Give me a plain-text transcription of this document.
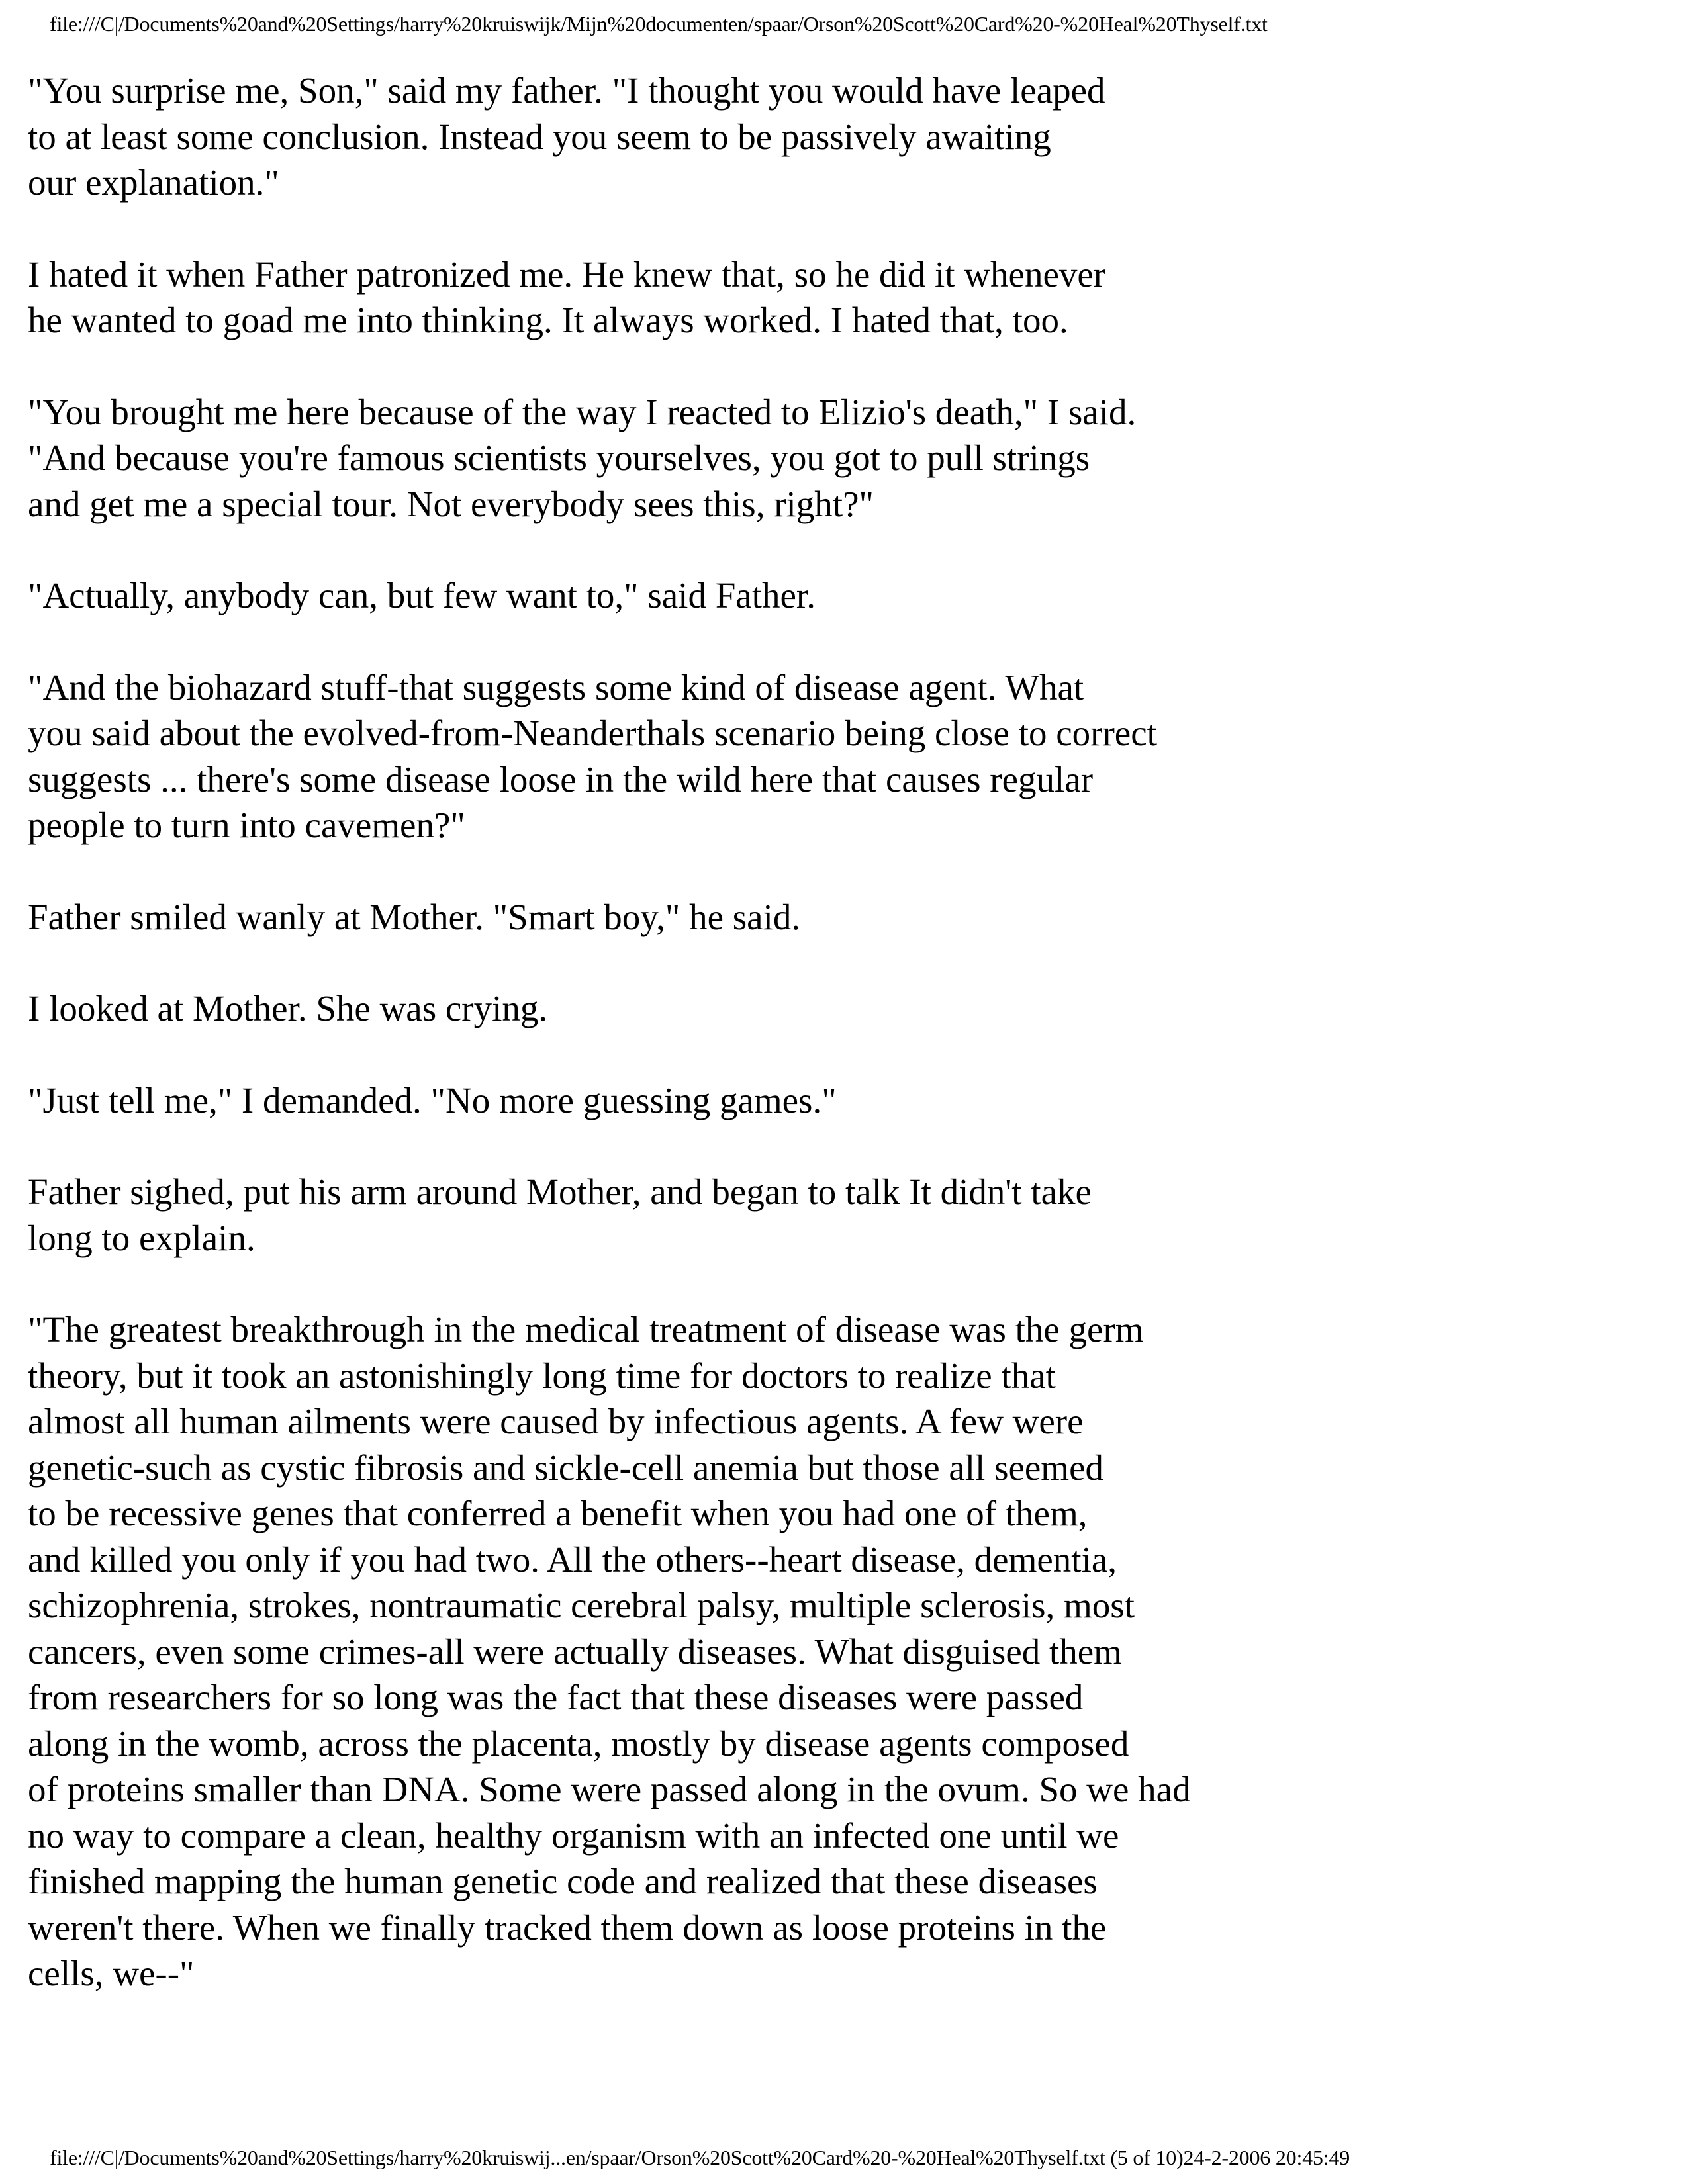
file:///C|/Documents%20and%20Settings/harry%20kruiswijk/Mijn%20documenten/spaar/Orson%20Scott%20Card%20-%20Heal%20Thyself.txt
"You surprise me, Son," said my father. "I thought you would have leaped
to at least some conclusion. Instead you seem to be passively awaiting
our explanation."
I hated it when Father patronized me. He knew that, so he did it whenever
he wanted to goad me into thinking. It always worked. I hated that, too.
"You brought me here because of the way I reacted to Elizio's death," I said.
"And because you're famous scientists yourselves, you got to pull strings
and get me a special tour. Not everybody sees this, right?"
"Actually, anybody can, but few want to," said Father.
"And the biohazard stuff-that suggests some kind of disease agent. What
you said about the evolved-from-Neanderthals scenario being close to correct
suggests ... there's some disease loose in the wild here that causes regular
people to turn into cavemen?"
Father smiled wanly at Mother. "Smart boy," he said.
I looked at Mother. She was crying.
"Just tell me," I demanded. "No more guessing games."
Father sighed, put his arm around Mother, and began to talk It didn't take
long to explain.
"The greatest breakthrough in the medical treatment of disease was the germ
theory, but it took an astonishingly long time for doctors to realize that
almost all human ailments were caused by infectious agents. A few were
genetic-such as cystic fibrosis and sickle-cell anemia but those all seemed
to be recessive genes that conferred a benefit when you had one of them,
and killed you only if you had two. All the others--heart disease, dementia,
schizophrenia, strokes, nontraumatic cerebral palsy, multiple sclerosis, most
cancers, even some crimes-all were actually diseases. What disguised them
from researchers for so long was the fact that these diseases were passed
along in the womb, across the placenta, mostly by disease agents composed
of proteins smaller than DNA. Some were passed along in the ovum. So we had
no way to compare a clean, healthy organism with an infected one until we
finished mapping the human genetic code and realized that these diseases
weren't there. When we finally tracked them down as loose proteins in the
cells, we--"
file:///C|/Documents%20and%20Settings/harry%20kruiswij...en/spaar/Orson%20Scott%20Card%20-%20Heal%20Thyself.txt (5 of 10)24-2-2006 20:45:49
